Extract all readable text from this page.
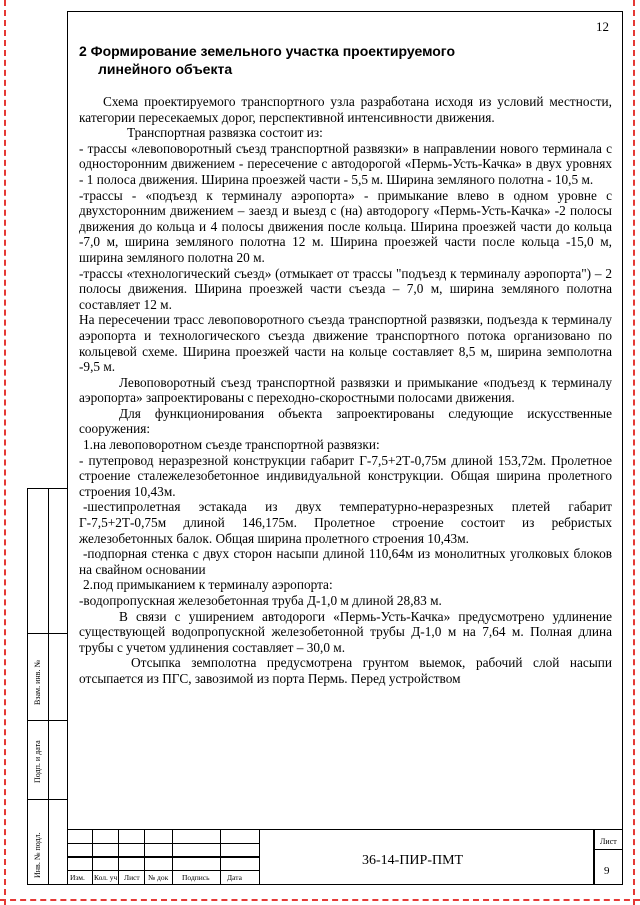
12
2 Формирование земельного участка проектируемого
линейного объекта

Схема проектируемого транспортного узла разработана исходя из условий местности, категории пересекаемых дорог, перспективной интенсивности движения.

Транспортная развязка состоит из:

- трассы «левоповоротный съезд транспортной развязки» в направлении нового терминала с односторонним движением - пересечение с автодорогой «Пермь-Усть-Качка» в двух уровнях - 1 полоса движения. Ширина проезжей части - 5,5 м. Ширина земляного полотна - 10,5 м.

-трассы - «подъезд к терминалу аэропорта» - примыкание влево в одном уровне с двухсторонним движением – заезд и выезд с (на) автодорогу «Пермь-Усть-Качка» -2 полосы движения до кольца и 4 полосы движения после кольца. Ширина проезжей части до кольца -7,0 м, ширина земляного полотна 12 м. Ширина проезжей части после кольца -15,0 м, ширина земляного полотна 20 м.

-трассы «технологический съезд» (отмыкает от трассы "подъезд к терминалу аэропорта") – 2 полосы движения. Ширина проезжей части съезда – 7,0 м, ширина земляного полотна составляет 12 м.

На пересечении трасс левоповоротного съезда транспортной развязки, подъезда к терминалу аэропорта и технологического съезда движение транспортного потока организовано по кольцевой схеме. Ширина проезжей части на кольце составляет 8,5 м, ширина земполотна -9,5 м.

Левоповоротный съезд транспортной развязки и примыкание «подъезд к терминалу аэропорта» запроектированы с переходно-скоростными полосами движения.

Для функционирования объекта запроектированы следующие искусственные сооружения:

1.на левоповоротном съезде транспортной развязки:

- путепровод неразрезной конструкции габарит Г-7,5+2Т-0,75м длиной 153,72м. Пролетное строение сталежелезобетонное индивидуальной конструкции. Общая ширина пролетного строения 10,43м.

-шестипролетная эстакада из двух температурно-неразрезных плетей габарит Г-7,5+2Т-0,75м длиной 146,175м. Пролетное строение состоит из ребристых железобетонных балок. Общая ширина пролетного строения 10,43м.

-подпорная стенка с двух сторон насыпи длиной 110,64м из монолитных уголковых блоков на свайном основании

2.под примыканием к терминалу аэропорта:

-водопропускная железобетонная труба Д-1,0 м длиной 28,83 м.

В связи с уширением автодороги «Пермь-Усть-Качка» предусмотрено удлинение существующей водопропускной железобетонной трубы Д-1,0 м на 7,64 м. Полная длина трубы с учетом удлинения составляет – 30,0 м.

Отсыпка земполотна предусмотрена грунтом выемок, рабочий слой насыпи отсыпается из ПГС, завозимой из порта Пермь. Перед устройством

Взам. инв. №
Подп. и дата
Инв. № подл.	Изм. Кол. уч Лист № док Подпись Дата
36-14-ПИР-ПМТ
Лист
9
